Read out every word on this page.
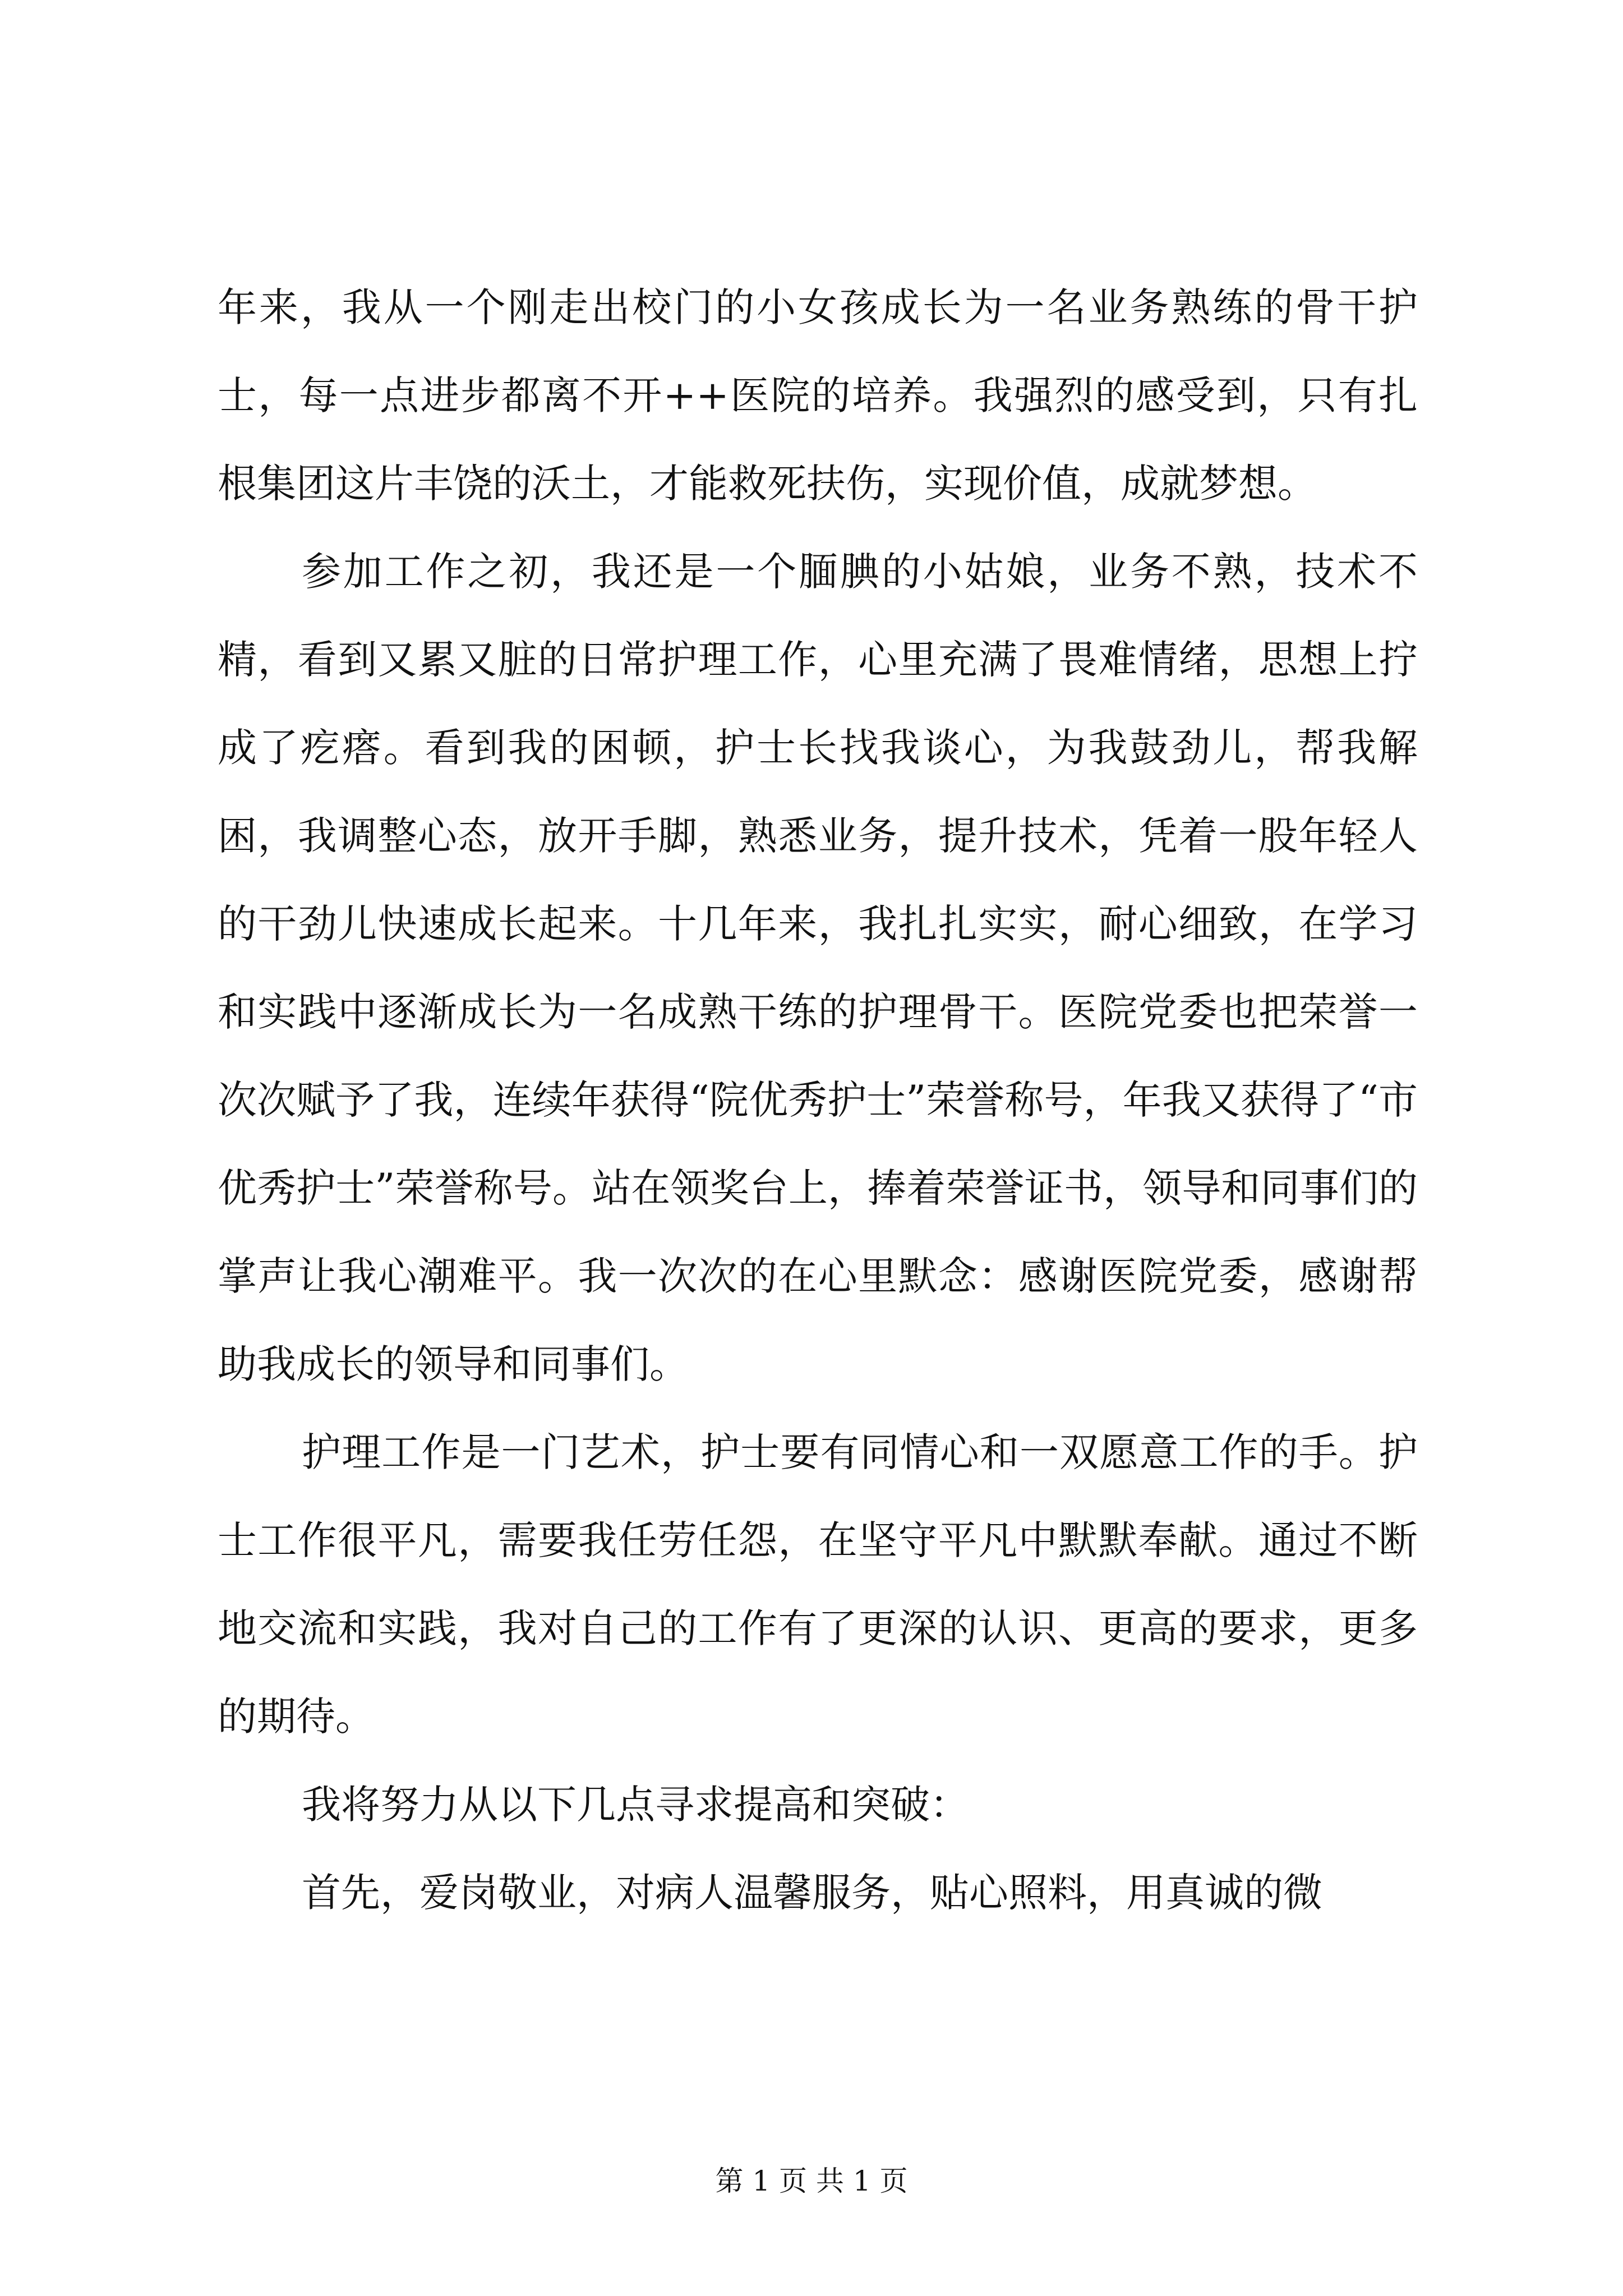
年来，我从一个刚走出校门的小女孩成长为一名业务熟练的骨干护士，每一点进步都离不开++医院的培养。我强烈的感受到，只有扎根集团这片丰饶的沃土，才能救死扶伤，实现价值，成就梦想。

参加工作之初，我还是一个腼腆的小姑娘，业务不熟，技术不精，看到又累又脏的日常护理工作，心里充满了畏难情绪，思想上拧成了疙瘩。看到我的困顿，护士长找我谈心，为我鼓劲儿，帮我解困，我调整心态，放开手脚，熟悉业务，提升技术，凭着一股年轻人的干劲儿快速成长起来。十几年来，我扎扎实实，耐心细致，在学习和实践中逐渐成长为一名成熟干练的护理骨干。医院党委也把荣誉一次次赋予了我，连续年获得“院优秀护士”荣誉称号，年我又获得了“市优秀护士”荣誉称号。站在领奖台上，捧着荣誉证书，领导和同事们的掌声让我心潮难平。我一次次的在心里默念：感谢医院党委，感谢帮助我成长的领导和同事们。

护理工作是一门艺术，护士要有同情心和一双愿意工作的手。护士工作很平凡，需要我任劳任怨，在坚守平凡中默默奉献。通过不断地交流和实践，我对自己的工作有了更深的认识、更高的要求，更多的期待。

我将努力从以下几点寻求提高和突破：

首先，爱岗敬业，对病人温馨服务，贴心照料，用真诚的微

第 1 页 共 1 页
